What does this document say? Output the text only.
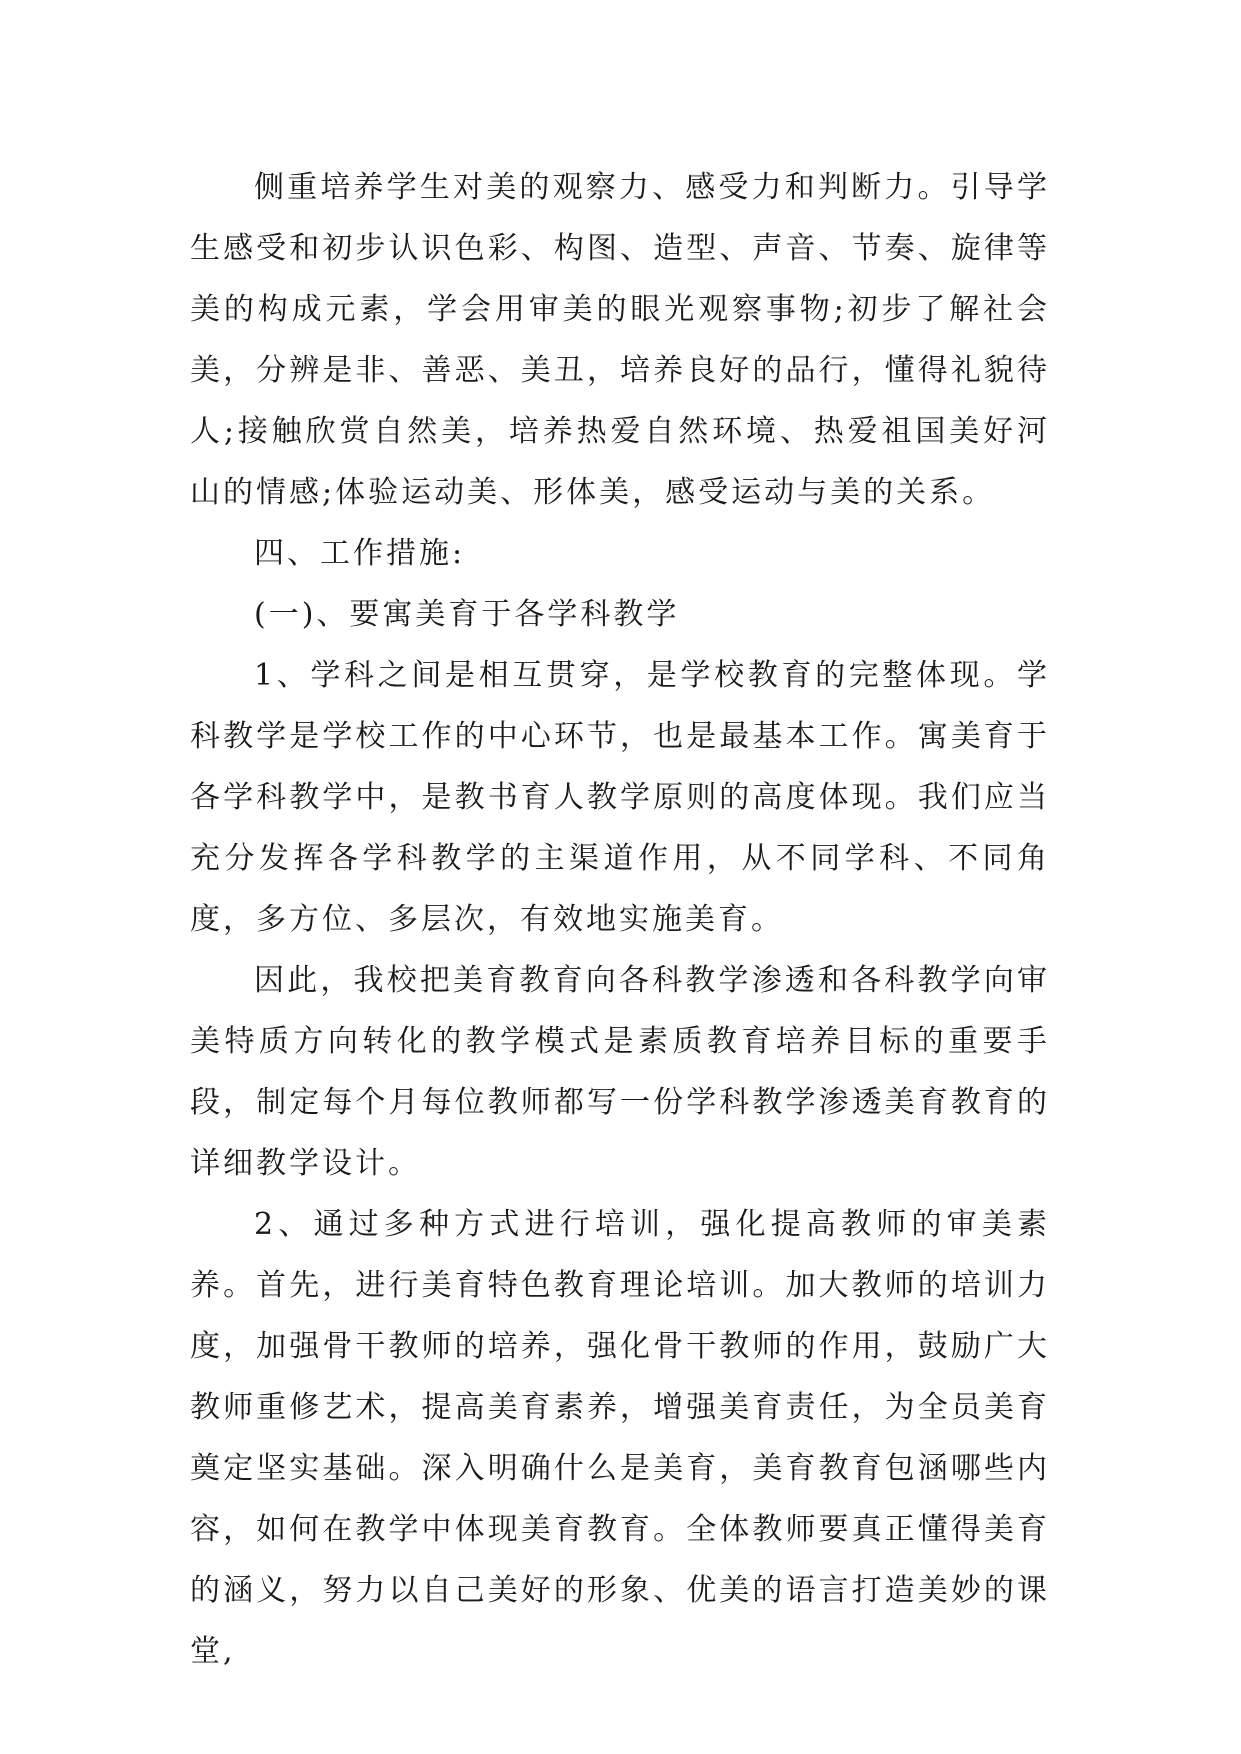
侧重培养学生对美的观察力、感受力和判断力。引导学生感受和初步认识色彩、构图、造型、声音、节奏、旋律等美的构成元素，学会用审美的眼光观察事物;初步了解社会美，分辨是非、善恶、美丑，培养良好的品行，懂得礼貌待人;接触欣赏自然美，培养热爱自然环境、热爱祖国美好河山的情感;体验运动美、形体美，感受运动与美的关系。

四、工作措施:

(一)、要寓美育于各学科教学

1、学科之间是相互贯穿，是学校教育的完整体现。学科教学是学校工作的中心环节，也是最基本工作。寓美育于各学科教学中，是教书育人教学原则的高度体现。我们应当充分发挥各学科教学的主渠道作用，从不同学科、不同角度，多方位、多层次，有效地实施美育。

因此，我校把美育教育向各科教学渗透和各科教学向审美特质方向转化的教学模式是素质教育培养目标的重要手段，制定每个月每位教师都写一份学科教学渗透美育教育的详细教学设计。

2、通过多种方式进行培训，强化提高教师的审美素养。首先，进行美育特色教育理论培训。加大教师的培训力度，加强骨干教师的培养，强化骨干教师的作用，鼓励广大教师重修艺术，提高美育素养，增强美育责任，为全员美育奠定坚实基础。深入明确什么是美育，美育教育包涵哪些内容，如何在教学中体现美育教育。全体教师要真正懂得美育的涵义，努力以自己美好的形象、优美的语言打造美妙的课堂,
